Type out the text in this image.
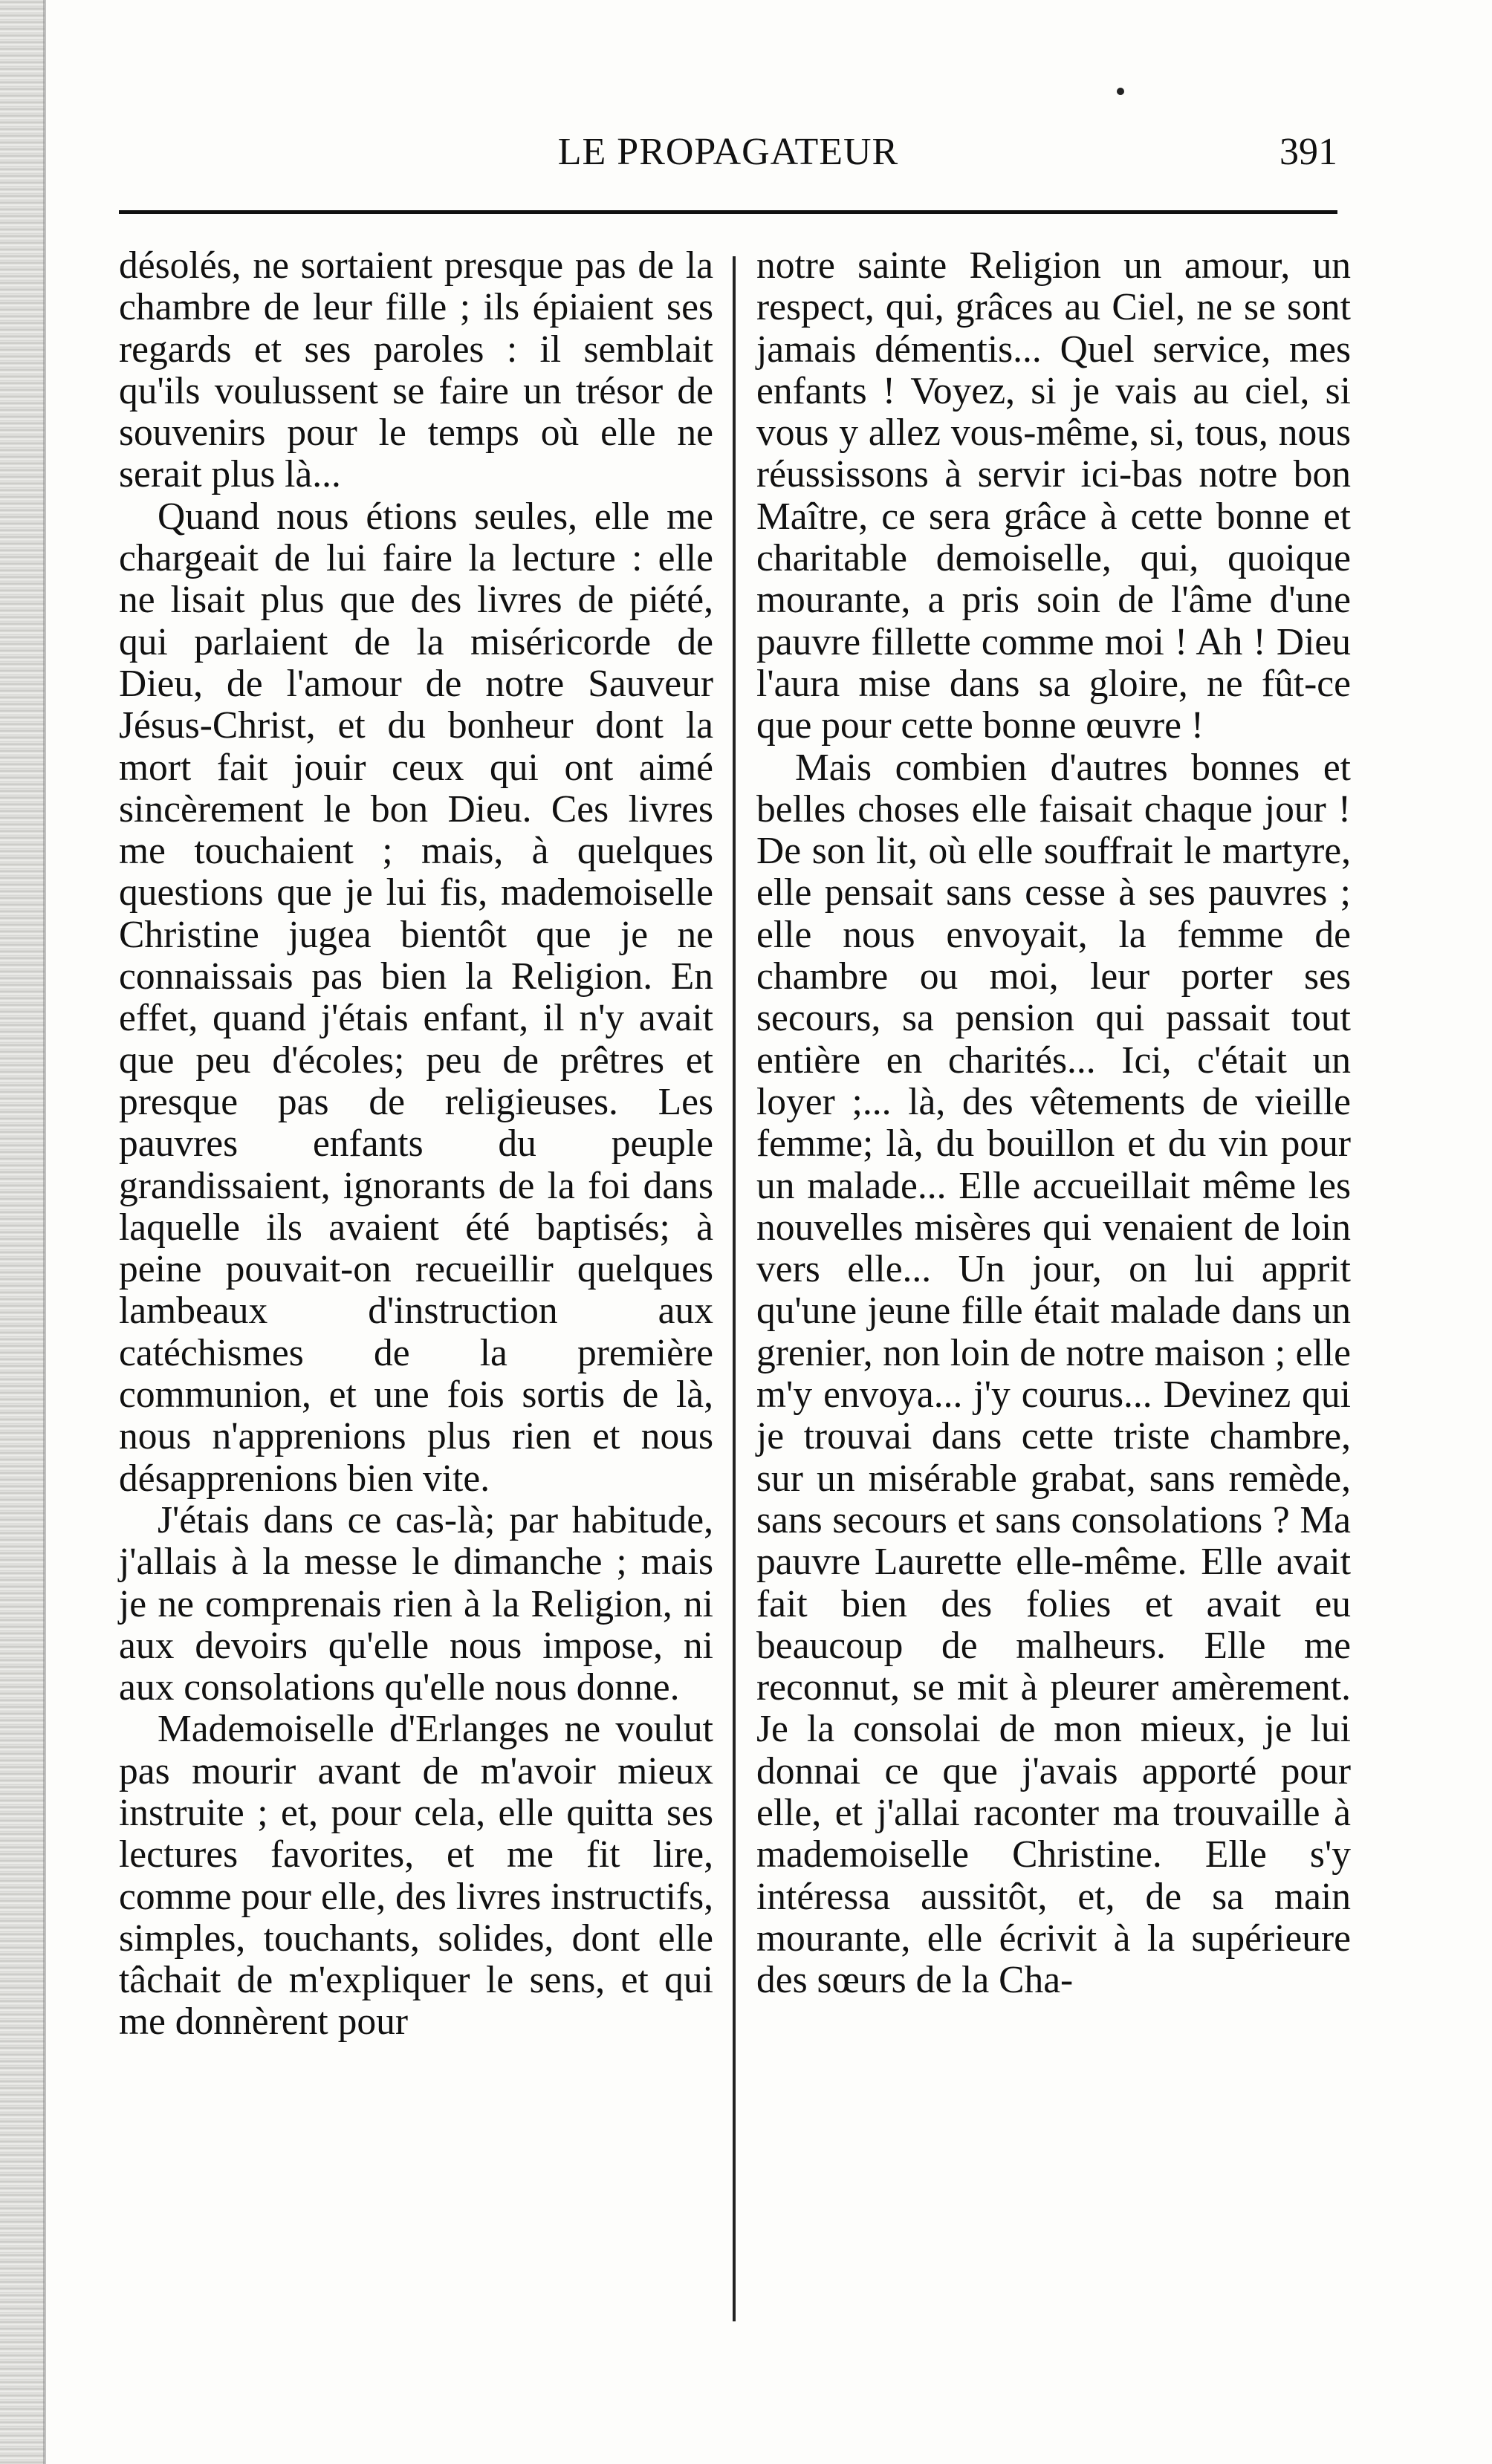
LE PROPAGATEUR	391

désolés, ne sortaient presque pas de la chambre de leur fille ; ils épiaient ses regards et ses paroles : il semblait qu'ils voulussent se faire un trésor de souvenirs pour le temps où elle ne serait plus là...

Quand nous étions seules, elle me chargeait de lui faire la lecture : elle ne lisait plus que des livres de piété, qui parlaient de la miséricorde de Dieu, de l'amour de notre Sauveur Jésus-Christ, et du bonheur dont la mort fait jouir ceux qui ont aimé sincèrement le bon Dieu. Ces livres me touchaient ; mais, à quelques questions que je lui fis, mademoiselle Christine jugea bientôt que je ne connaissais pas bien la Religion. En effet, quand j'étais enfant, il n'y avait que peu d'écoles; peu de prêtres et presque pas de religieuses. Les pauvres enfants du peuple grandissaient, ignorants de la foi dans laquelle ils avaient été baptisés; à peine pouvait-on recueillir quelques lambeaux d'instruction aux catéchismes de la première communion, et une fois sortis de là, nous n'apprenions plus rien et nous désapprenions bien vite.

J'étais dans ce cas-là; par habitude, j'allais à la messe le dimanche ; mais je ne comprenais rien à la Religion, ni aux devoirs qu'elle nous impose, ni aux consolations qu'elle nous donne.

Mademoiselle d'Erlanges ne voulut pas mourir avant de m'avoir mieux instruite ; et, pour cela, elle quitta ses lectures favorites, et me fit lire, comme pour elle, des livres instructifs, simples, touchants, solides, dont elle tâchait de m'expliquer le sens, et qui me donnèrent pour

notre sainte Religion un amour, un respect, qui, grâces au Ciel, ne se sont jamais démentis... Quel service, mes enfants ! Voyez, si je vais au ciel, si vous y allez vous-même, si, tous, nous réussissons à servir ici-bas notre bon Maître, ce sera grâce à cette bonne et charitable demoiselle, qui, quoique mourante, a pris soin de l'âme d'une pauvre fillette comme moi ! Ah ! Dieu l'aura mise dans sa gloire, ne fût-ce que pour cette bonne œuvre !

Mais combien d'autres bonnes et belles choses elle faisait chaque jour ! De son lit, où elle souffrait le martyre, elle pensait sans cesse à ses pauvres ; elle nous envoyait, la femme de chambre ou moi, leur porter ses secours, sa pension qui passait tout entière en charités... Ici, c'était un loyer ;... là, des vêtements de vieille femme; là, du bouillon et du vin pour un malade... Elle accueillait même les nouvelles misères qui venaient de loin vers elle... Un jour, on lui apprit qu'une jeune fille était malade dans un grenier, non loin de notre maison ; elle m'y envoya... j'y courus... Devinez qui je trouvai dans cette triste chambre, sur un misérable grabat, sans remède, sans secours et sans consolations ? Ma pauvre Laurette elle-même. Elle avait fait bien des folies et avait eu beaucoup de malheurs. Elle me reconnut, se mit à pleurer amèrement. Je la consolai de mon mieux, je lui donnai ce que j'avais apporté pour elle, et j'allai raconter ma trouvaille à mademoiselle Christine. Elle s'y intéressa aussitôt, et, de sa main mourante, elle écrivit à la supérieure des sœurs de la Cha-
